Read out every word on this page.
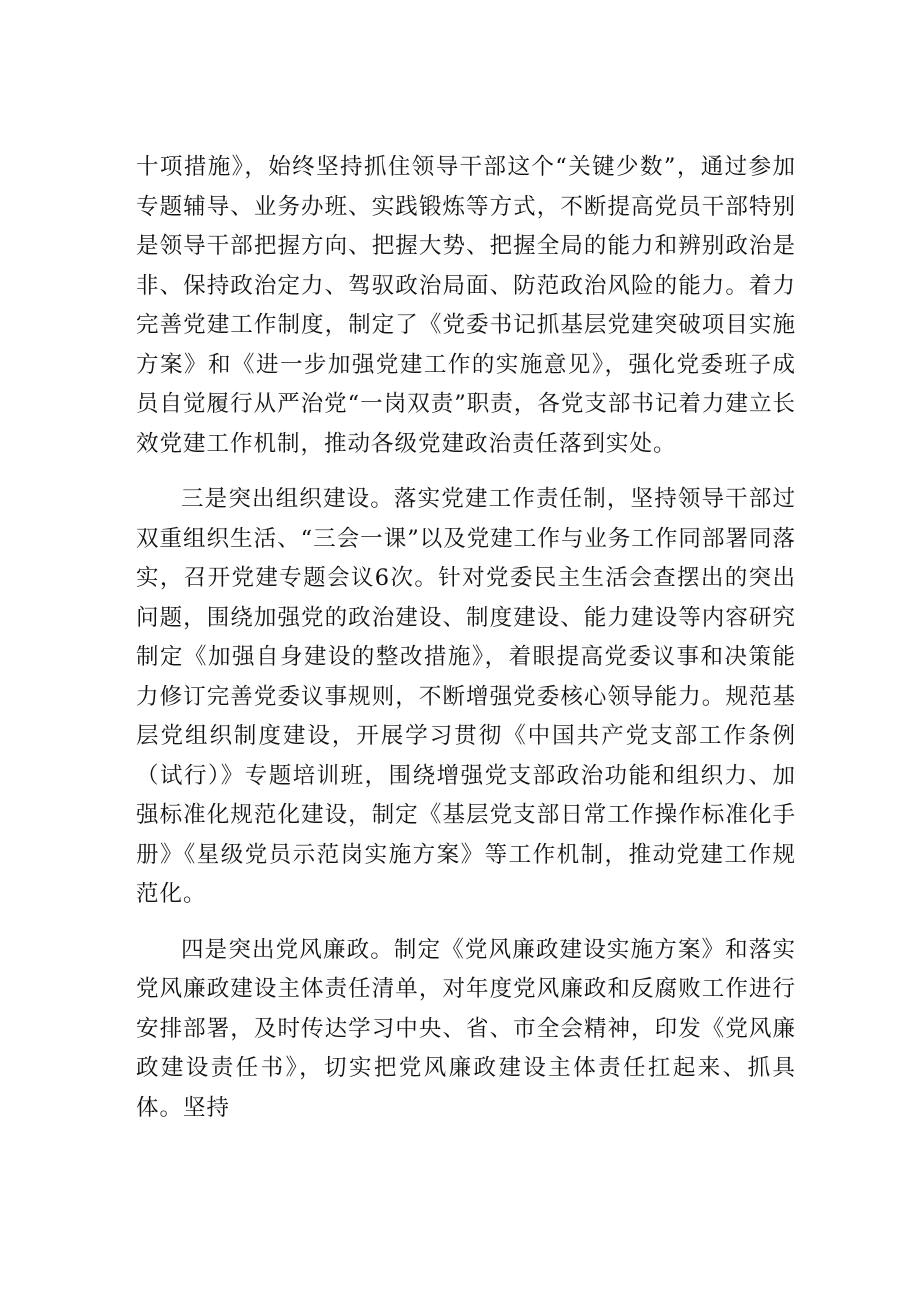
十项措施》，始终坚持抓住领导干部这个“关键少数”，通过参加专题辅导、业务办班、实践锻炼等方式，不断提高党员干部特别是领导干部把握方向、把握大势、把握全局的能力和辨别政治是非、保持政治定力、驾驭政治局面、防范政治风险的能力。着力完善党建工作制度，制定了《党委书记抓基层党建突破项目实施方案》和《进一步加强党建工作的实施意见》，强化党委班子成员自觉履行从严治党“一岗双责”职责，各党支部书记着力建立长效党建工作机制，推动各级党建政治责任落到实处。

三是突出组织建设。落实党建工作责任制，坚持领导干部过双重组织生活、“三会一课”以及党建工作与业务工作同部署同落实，召开党建专题会议6次。针对党委民主生活会查摆出的突出问题，围绕加强党的政治建设、制度建设、能力建设等内容研究制定《加强自身建设的整改措施》，着眼提高党委议事和决策能力修订完善党委议事规则，不断增强党委核心领导能力。规范基层党组织制度建设，开展学习贯彻《中国共产党支部工作条例（试行）》专题培训班，围绕增强党支部政治功能和组织力、加强标准化规范化建设，制定《基层党支部日常工作操作标准化手册》《星级党员示范岗实施方案》等工作机制，推动党建工作规范化。

四是突出党风廉政。制定《党风廉政建设实施方案》和落实党风廉政建设主体责任清单，对年度党风廉政和反腐败工作进行安排部署，及时传达学习中央、省、市全会精神，印发《党风廉政建设责任书》，切实把党风廉政建设主体责任扛起来、抓具体。坚持
